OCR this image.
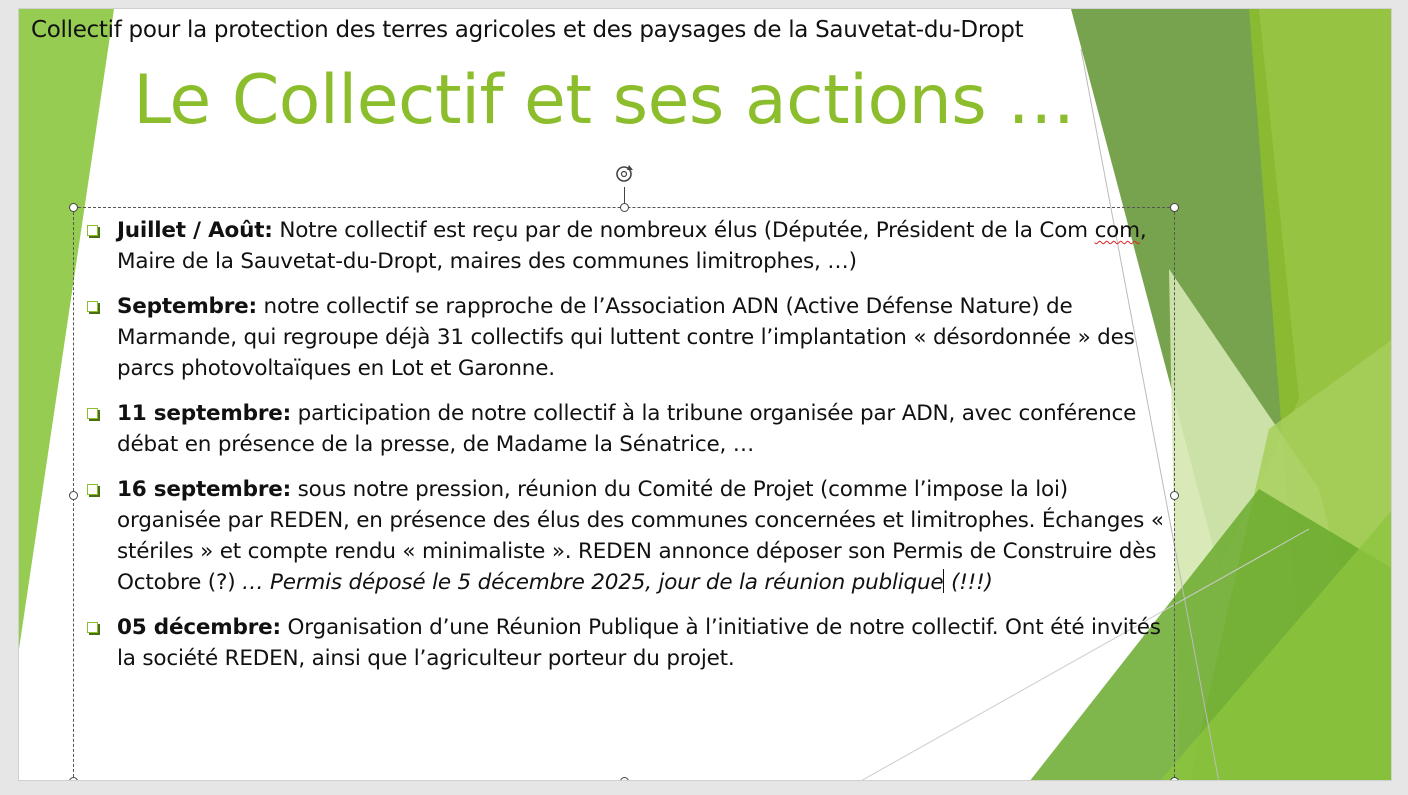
Collectif pour la protection des terres agricoles et des paysages de la Sauvetat-du-Dropt
Le Collectif et ses actions …
Juillet / Août: Notre collectif est reçu par de nombreux élus (Députée, Président de la Com com, Maire de la Sauvetat-du-Dropt, maires des communes limitrophes, …)
Septembre: notre collectif se rapproche de l’Association ADN (Active Défense Nature) de Marmande, qui regroupe déjà 31 collectifs qui luttent contre l’implantation « désordonnée » des parcs photovoltaïques en Lot et Garonne.
11 septembre: participation de notre collectif à la tribune organisée par ADN, avec conférence débat en présence de la presse, de Madame la Sénatrice, …
16 septembre: sous notre pression, réunion du Comité de Projet (comme l’impose la loi) organisée par REDEN, en présence des élus des communes concernées et limitrophes. Échanges « stériles » et compte rendu « minimaliste ». REDEN annonce déposer son Permis de Construire dès Octobre (?) … Permis déposé le 5 décembre 2025, jour de la réunion publique (!!!)
05 décembre: Organisation d’une Réunion Publique à l’initiative de notre collectif. Ont été invités la société REDEN, ainsi que l’agriculteur porteur du projet.
